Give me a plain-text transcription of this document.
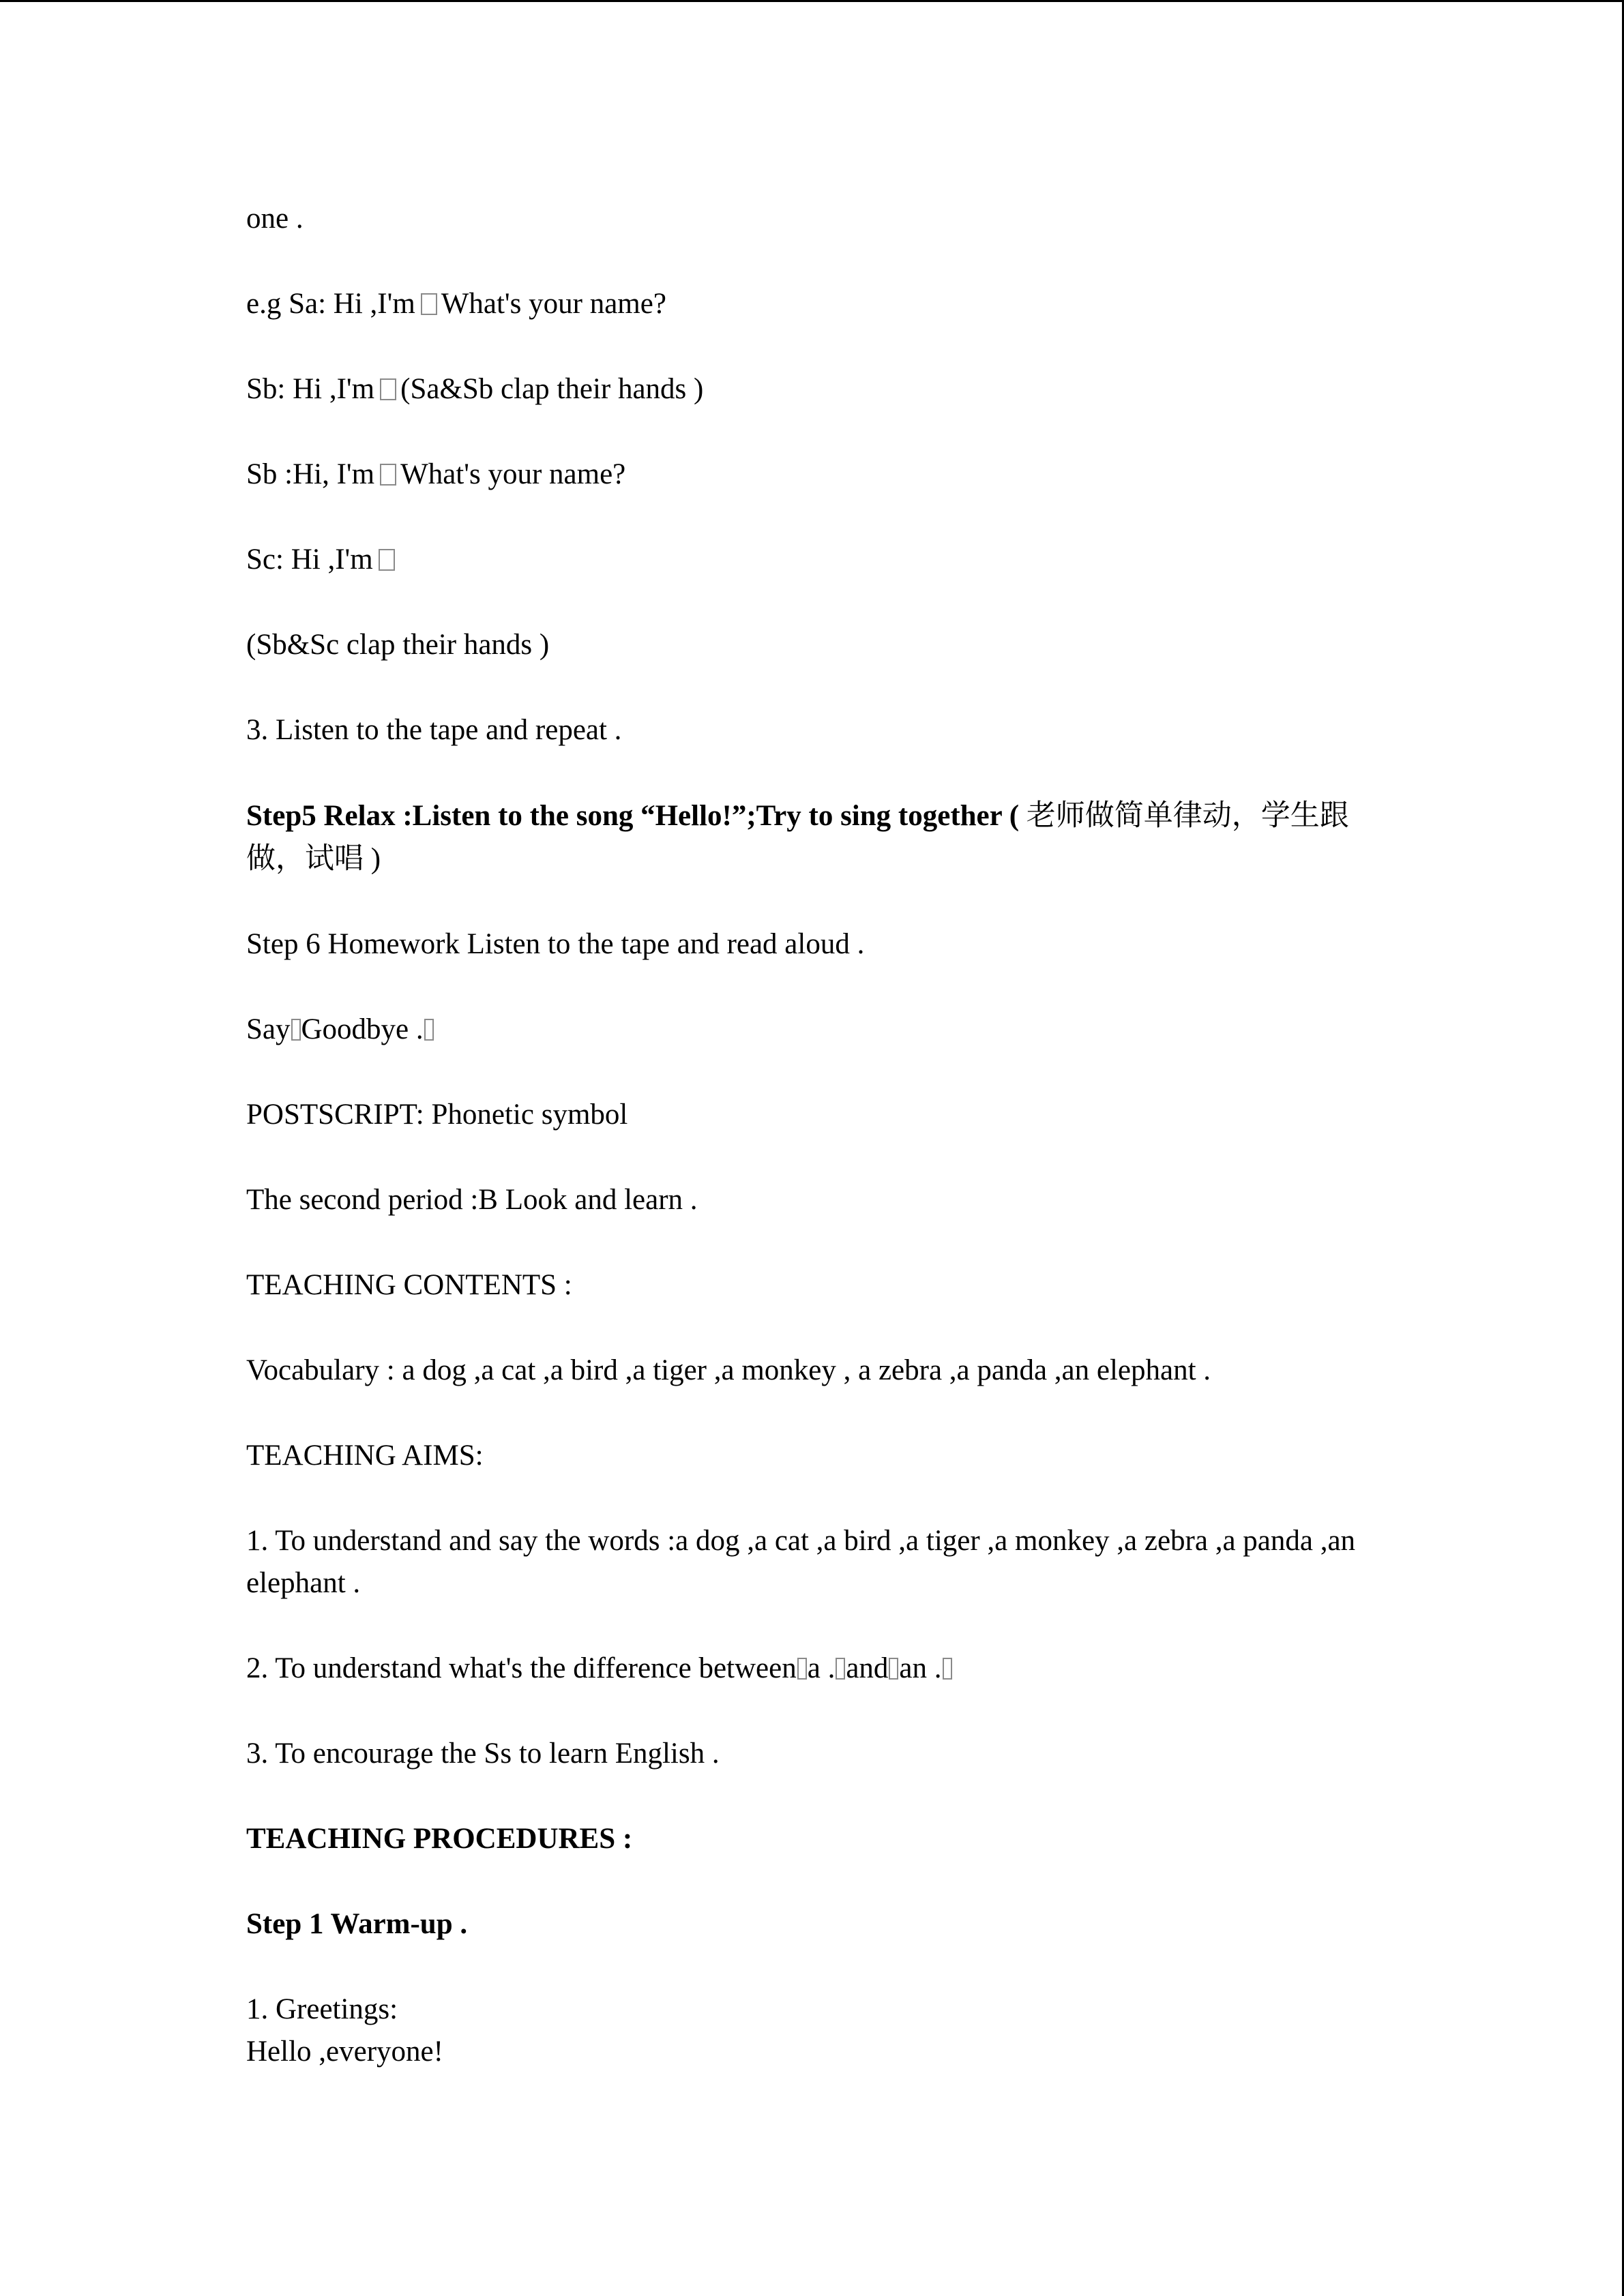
one .

e.g Sa: Hi ,I'm What's your name?

Sb: Hi ,I'm (Sa&Sb clap their hands )

Sb :Hi, I'm What's your name?

Sc: Hi ,I'm

(Sb&Sc clap their hands )

3. Listen to the tape and repeat .

Step5 Relax :Listen to the song “Hello!”;Try to sing together ( 老师做简单律动，学生跟做，试唱 )

Step 6 Homework Listen to the tape and read aloud .

Say Goodbye .

POSTSCRIPT: Phonetic symbol

The second period :B Look and learn .

TEACHING CONTENTS :

Vocabulary : a dog ,a cat ,a bird ,a tiger ,a monkey , a zebra ,a panda ,an elephant .

TEACHING AIMS:

1. To understand and say the words :a dog ,a cat ,a bird ,a tiger ,a monkey ,a zebra ,a panda ,an elephant .

2. To understand what's the difference between a . and an .

3. To encourage the Ss to learn English .

TEACHING PROCEDURES :

Step 1 Warm-up .

1. Greetings:

Hello ,everyone!
